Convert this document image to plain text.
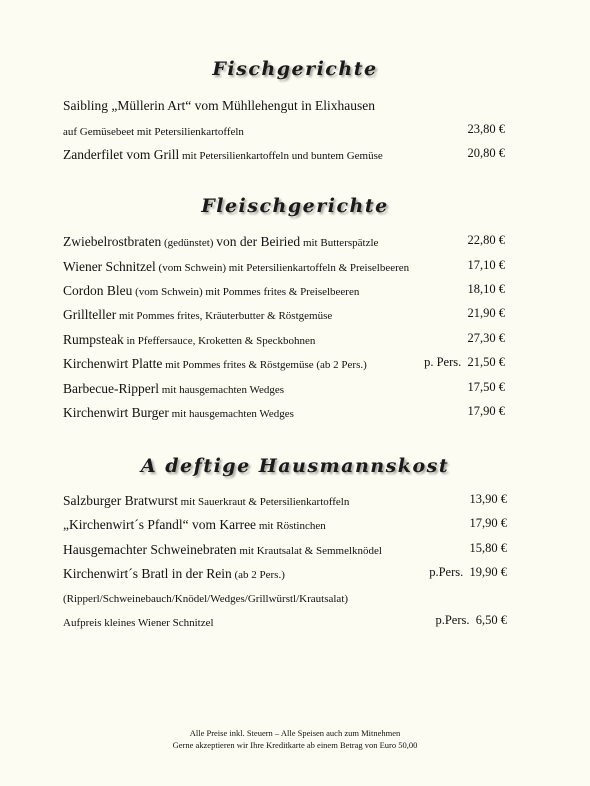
Fischgerichte
Saibling „Müllerin Art“ vom Mühllehengut in Elixhausen
auf Gemüsebeet mit Petersilienkartoffeln	23,80 €
Zanderfilet vom Grill mit Petersilienkartoffeln und buntem Gemüse	20,80 €
Fleischgerichte
Zwiebelrostbraten (gedünstet) von der Beiried mit Butterspätzle	22,80 €
Wiener Schnitzel (vom Schwein) mit Petersilienkartoffeln & Preiselbeeren	17,10 €
Cordon Bleu (vom Schwein) mit Pommes frites & Preiselbeeren	18,10 €
Grillteller mit Pommes frites, Kräuterbutter & Röstgemüse	21,90 €
Rumpsteak in Pfeffersauce, Kroketten & Speckbohnen	27,30 €
Kirchenwirt Platte mit Pommes frites & Röstgemüse (ab 2 Pers.)	p. Pers.  21,50 €
Barbecue-Ripperl mit hausgemachten Wedges	17,50 €
Kirchenwirt Burger mit hausgemachten Wedges	17,90 €
A deftige Hausmannskost
Salzburger Bratwurst mit Sauerkraut & Petersilienkartoffeln	13,90 €
„Kirchenwirt´s Pfandl“ vom Karree mit Röstinchen	17,90 €
Hausgemachter Schweinebraten mit Krautsalat & Semmelknödel	15,80 €
Kirchenwirt´s Bratl in der Rein (ab 2 Pers.)	p.Pers.  19,90 €
(Ripperl/Schweinebauch/Knödel/Wedges/Grillwürstl/Krautsalat)
Aufpreis kleines Wiener Schnitzel	p.Pers.  6,50 €
Alle Preise inkl. Steuern – Alle Speisen auch zum Mitnehmen
Gerne akzeptieren wir Ihre Kreditkarte ab einem Betrag von Euro 50,00
